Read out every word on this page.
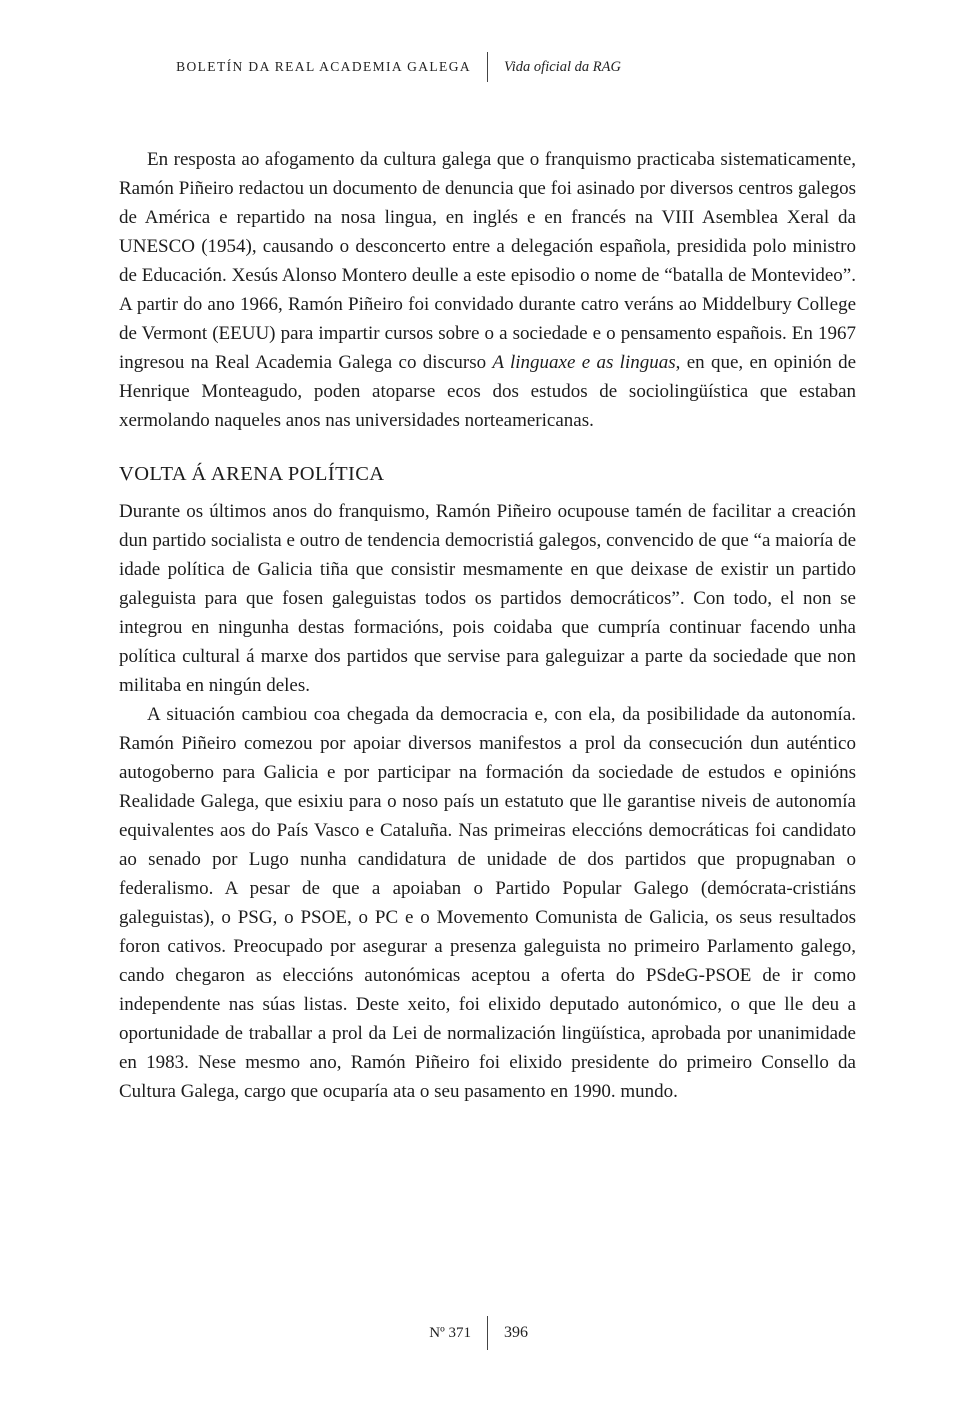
BOLETÍN DA REAL ACADEMIA GALEGA	Vida oficial da RAG

En resposta ao afogamento da cultura galega que o franquismo practicaba sistematicamente, Ramón Piñeiro redactou un documento de denuncia que foi asinado por diversos centros galegos de América e repartido na nosa lingua, en inglés e en francés na VIII Asemblea Xeral da UNESCO (1954), causando o desconcerto entre a delegación española, presidida polo ministro de Educación. Xesús Alonso Montero deulle a este episodio o nome de “batalla de Montevideo”. A partir do ano 1966, Ramón Piñeiro foi convidado durante catro veráns ao Middelbury College de Vermont (EEUU) para impartir cursos sobre o a sociedade e o pensamento españois. En 1967 ingresou na Real Academia Galega co discurso A linguaxe e as linguas, en que, en opinión de Henrique Monteagudo, poden atoparse ecos dos estudos de sociolingüística que estaban xermolando naqueles anos nas universidades norteamericanas.

VOLTA Á ARENA POLÍTICA

Durante os últimos anos do franquismo, Ramón Piñeiro ocupouse tamén de facilitar a creación dun partido socialista e outro de tendencia democristiá galegos, convencido de que “a maioría de idade política de Galicia tiña que consistir mesmamente en que deixase de existir un partido galeguista para que fosen galeguistas todos os partidos democráticos”. Con todo, el non se integrou en ningunha destas formacións, pois coidaba que cumpría continuar facendo unha política cultural á marxe dos partidos que servise para galeguizar a parte da sociedade que non militaba en ningún deles.

A situación cambiou coa chegada da democracia e, con ela, da posibilidade da autonomía. Ramón Piñeiro comezou por apoiar diversos manifestos a prol da consecución dun auténtico autogoberno para Galicia e por participar na formación da sociedade de estudos e opinións Realidade Galega, que esixiu para o noso país un estatuto que lle garantise niveis de autonomía equivalentes aos do País Vasco e Cataluña. Nas primeiras eleccións democráticas foi candidato ao senado por Lugo nunha candidatura de unidade de dos partidos que propugnaban o federalismo. A pesar de que a apoiaban o Partido Popular Galego (demócrata-cristiáns galeguistas), o PSG, o PSOE, o PC e o Movemento Comunista de Galicia, os seus resultados foron cativos. Preocupado por asegurar a presenza galeguista no primeiro Parlamento galego, cando chegaron as eleccións autonómicas aceptou a oferta do PSdeG-PSOE de ir como independente nas súas listas. Deste xeito, foi elixido deputado autonómico, o que lle deu a oportunidade de traballar a prol da Lei de normalización lingüística, aprobada por unanimidade en 1983. Nese mesmo ano, Ramón Piñeiro foi elixido presidente do primeiro Consello da Cultura Galega, cargo que ocuparía ata o seu pasamento en 1990. mundo.

Nº 371	396
